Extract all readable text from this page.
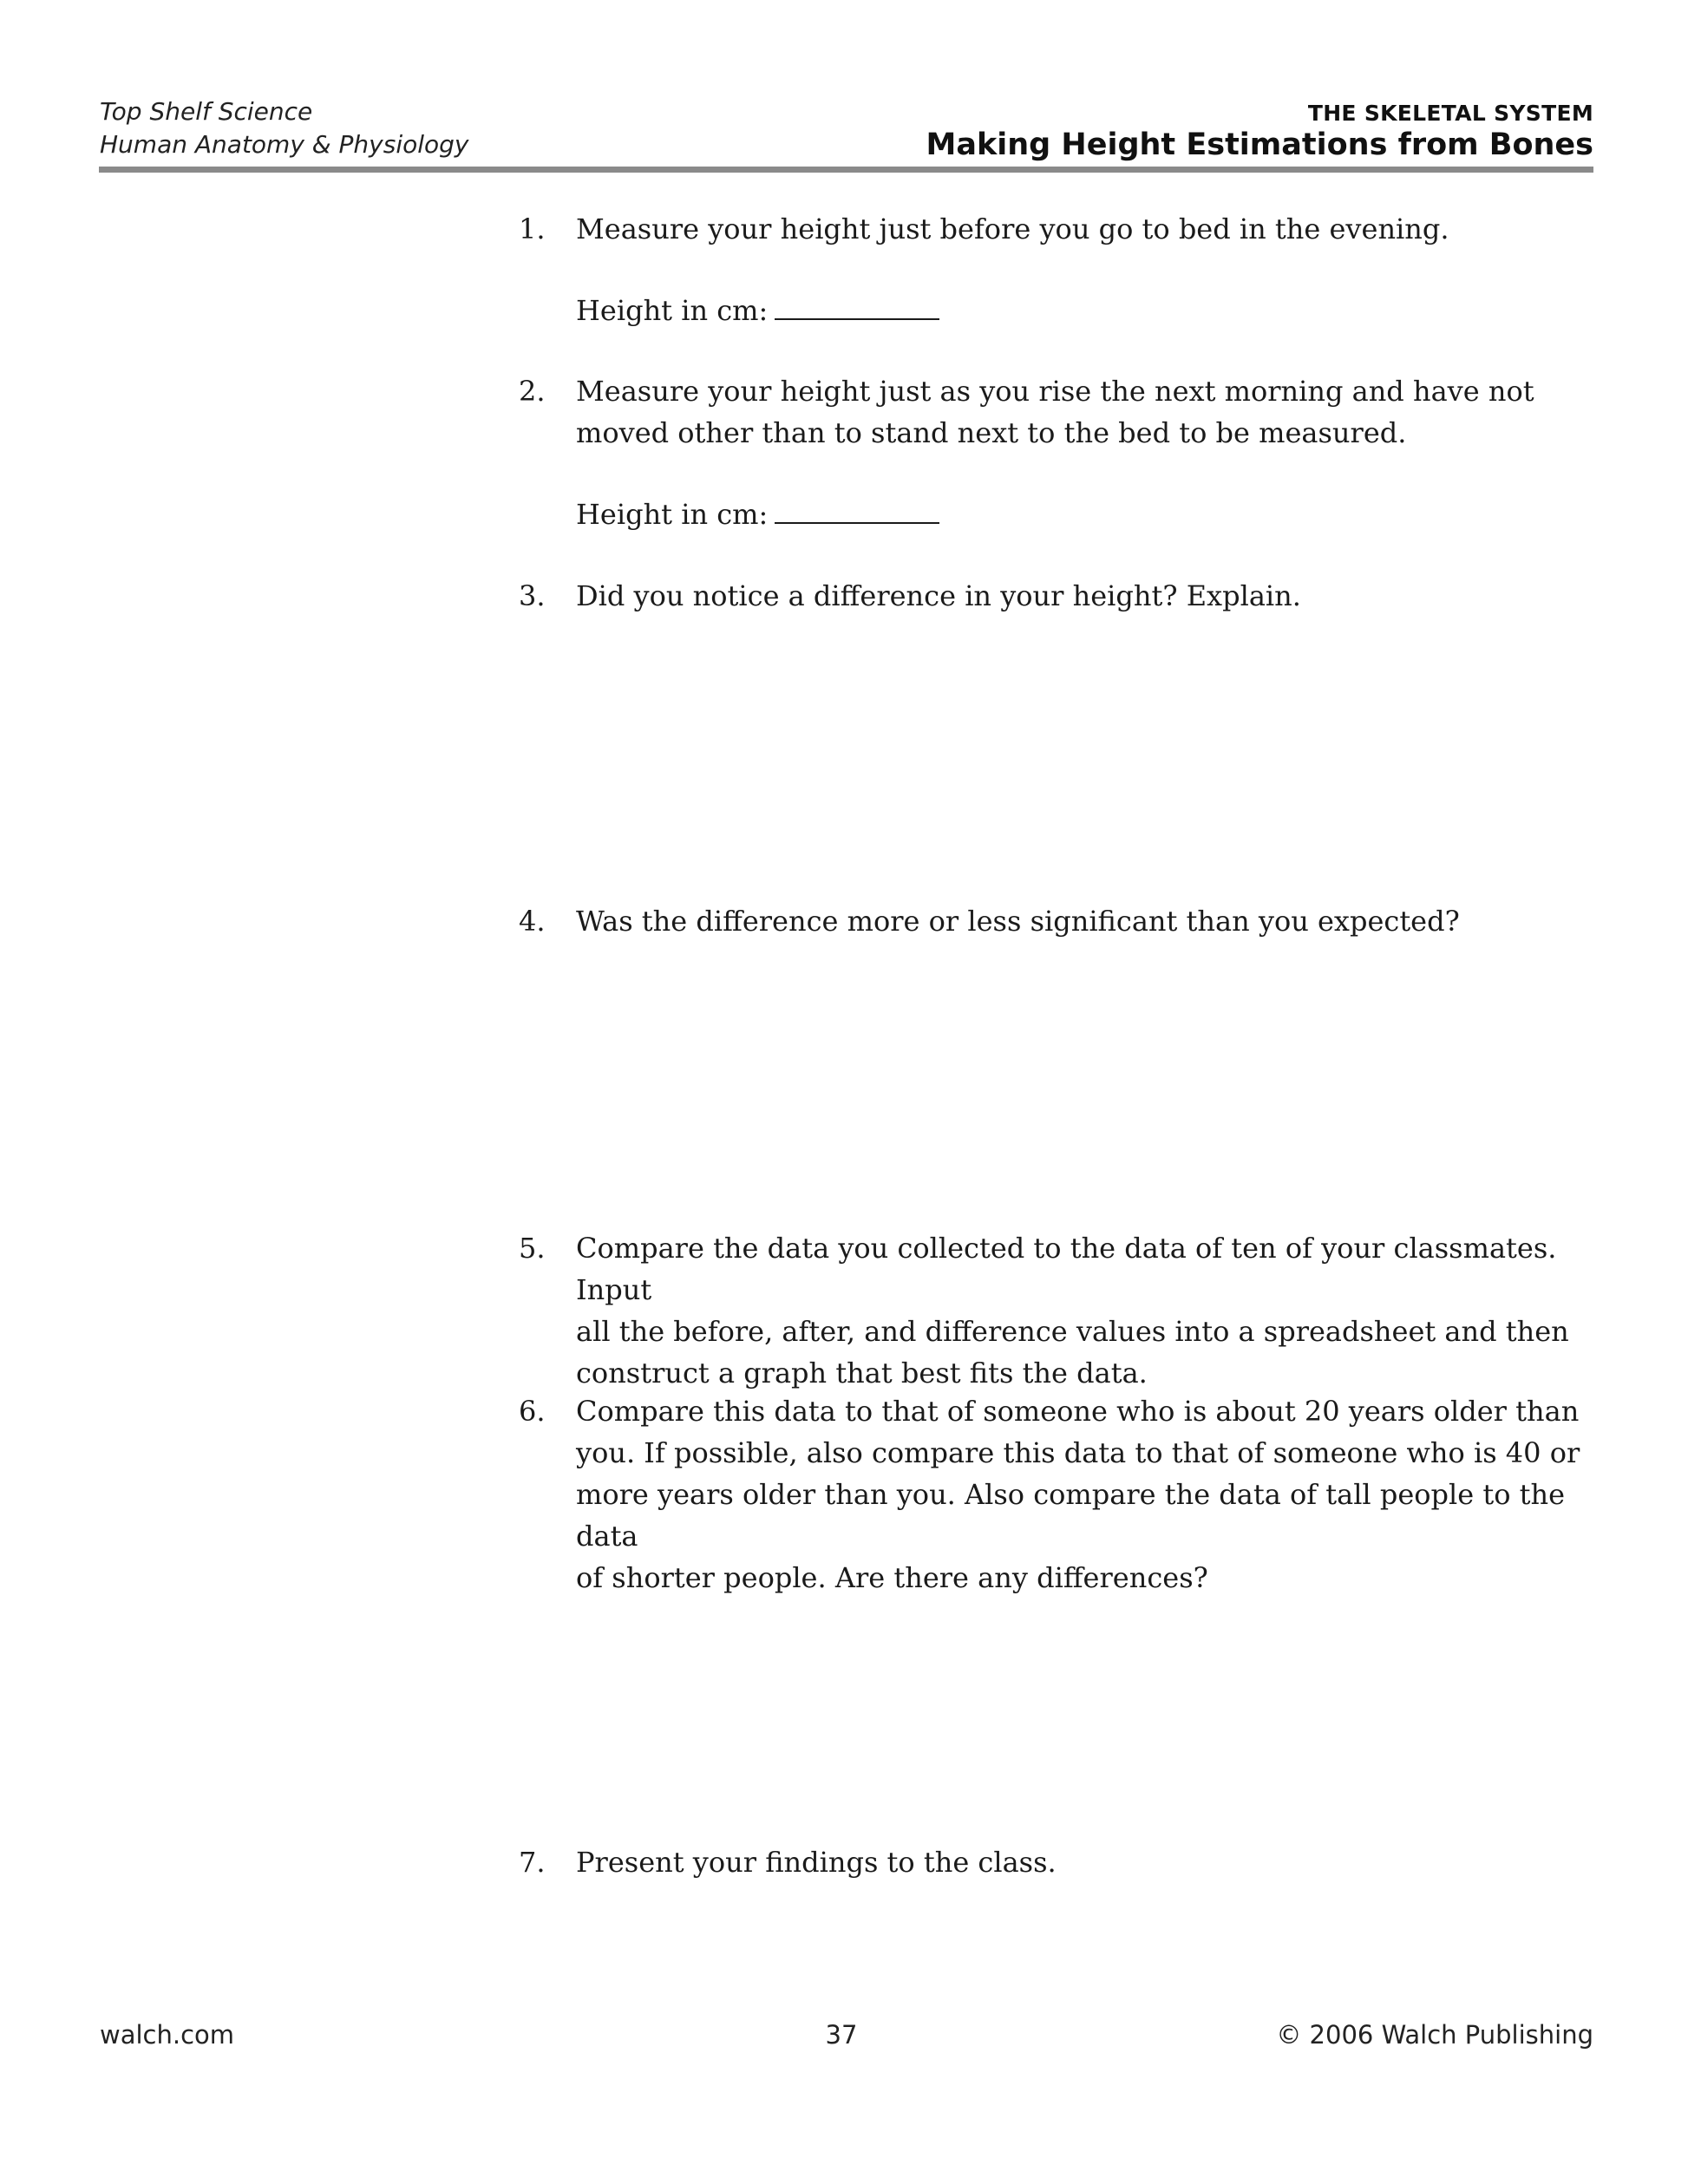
Top Shelf Science
Human Anatomy & Physiology
THE SKELETAL SYSTEM
Making Height Estimations from Bones
1.	Measure your height just before you go to bed in the evening.
Height in cm:
2.	Measure your height just as you rise the next morning and have not
moved other than to stand next to the bed to be measured.
Height in cm:
3.	Did you notice a difference in your height? Explain.
4.	Was the difference more or less significant than you expected?
5.	Compare the data you collected to the data of ten of your classmates. Input
all the before, after, and difference values into a spreadsheet and then
construct a graph that best fits the data.
6.	Compare this data to that of someone who is about 20 years older than
you. If possible, also compare this data to that of someone who is 40 or
more years older than you. Also compare the data of tall people to the data
of shorter people. Are there any differences?
7.	Present your findings to the class.
walch.com	37	© 2006 Walch Publishing
